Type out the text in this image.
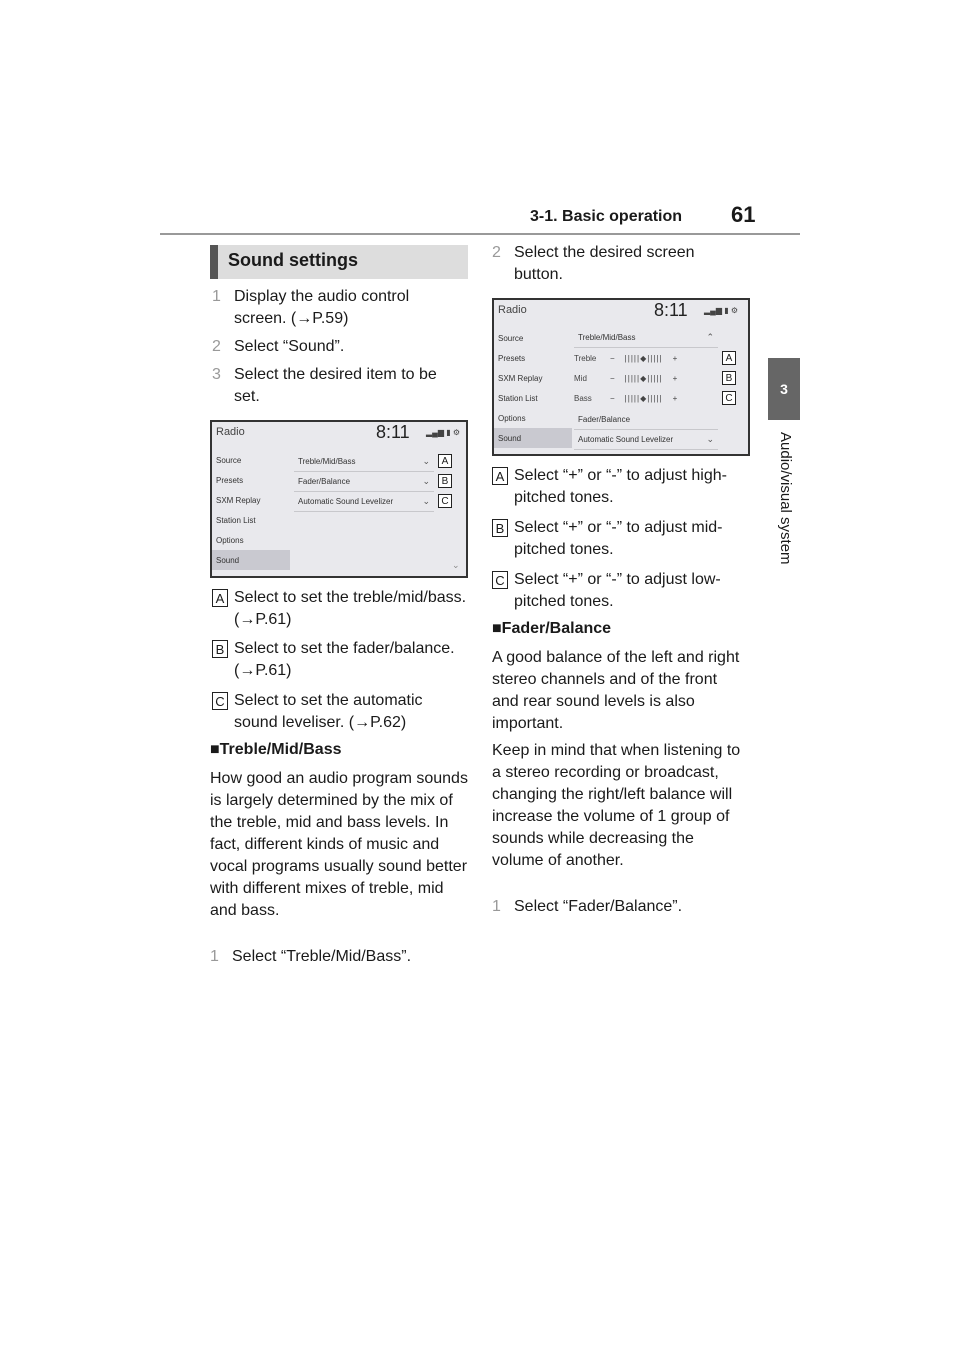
3-1. Basic operation 61
3
Audio/visual system
Sound settings
1 Display the audio control screen. (→P.59)
2 Select “Sound”.
3 Select the desired item to be set.
Radio	8:11 ▂▄▆ ▮ ⚙
Source
Presets
SXM Replay
Station List
Options
Sound
Treble/Mid/Bass	⌄
Fader/Balance	⌄
Automatic Sound Levelizer	⌄
A
B
C
⌄
A Select to set the treble/mid/bass. (→P.61)
B Select to set the fader/balance. (→P.61)
C Select to set the automatic sound leveliser. (→P.62)
■Treble/Mid/Bass
How good an audio program sounds is largely determined by the mix of the treble, mid and bass levels. In fact, different kinds of music and vocal programs usually sound better with different mixes of treble, mid and bass.
1 Select “Treble/Mid/Bass”.
2 Select the desired screen button.
Radio	8:11 ▂▄▆ ▮ ⚙
Source
Presets
SXM Replay
Station List
Options
Sound
Treble/Mid/Bass	⌃
Treble	− |||||◆||||| +
Mid	− |||||◆||||| +
Bass	− |||||◆||||| +
Fader/Balance
Automatic Sound Levelizer	⌄
A
B
C
A Select “+” or “-” to adjust high-pitched tones.
B Select “+” or “-” to adjust mid-pitched tones.
C Select “+” or “-” to adjust low-pitched tones.
■Fader/Balance
A good balance of the left and right stereo channels and of the front and rear sound levels is also important.
Keep in mind that when listening to a stereo recording or broadcast, changing the right/left balance will increase the volume of 1 group of sounds while decreasing the volume of another.
1 Select “Fader/Balance”.
